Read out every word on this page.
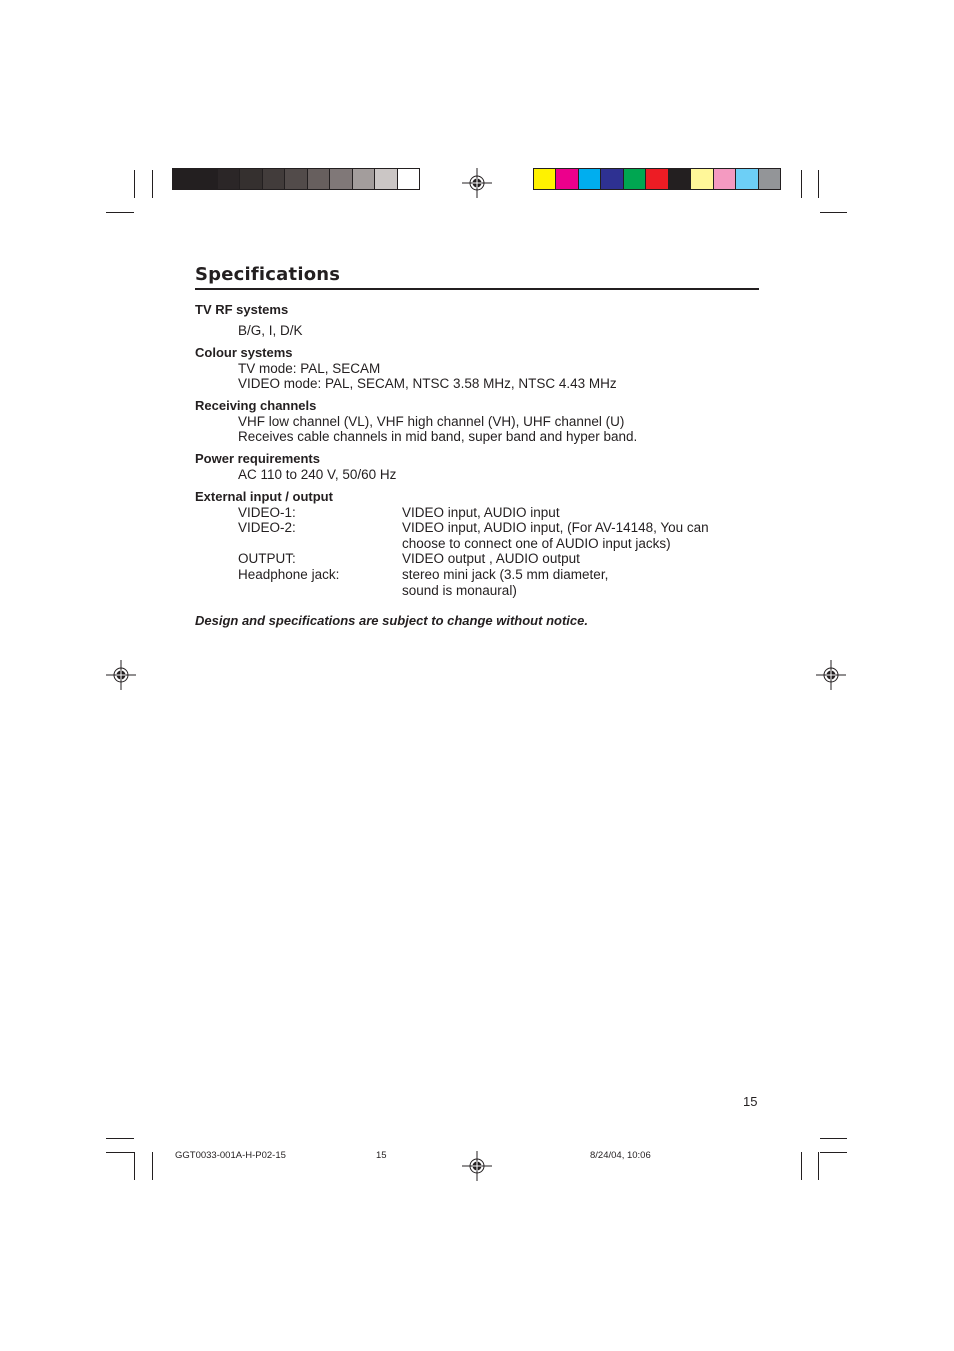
Specifications
TV RF systems
B/G, I, D/K
Colour systems
TV mode: PAL, SECAM
VIDEO mode: PAL, SECAM, NTSC 3.58 MHz, NTSC 4.43 MHz
Receiving channels
VHF low channel (VL), VHF high channel (VH), UHF channel (U)
Receives cable channels in mid band, super band and hyper band.
Power requirements
AC 110 to 240 V, 50/60 Hz
External input / output
VIDEO-1:	VIDEO input, AUDIO input
VIDEO-2:	VIDEO input, AUDIO input, (For AV-14148, You can
choose to connect one of AUDIO input jacks)
OUTPUT:	VIDEO output , AUDIO output
Headphone jack:	stereo mini jack (3.5 mm diameter,
sound is monaural)
Design and specifications are subject to change without notice.
15
GGT0033-001A-H-P02-15	15	8/24/04, 10:06
